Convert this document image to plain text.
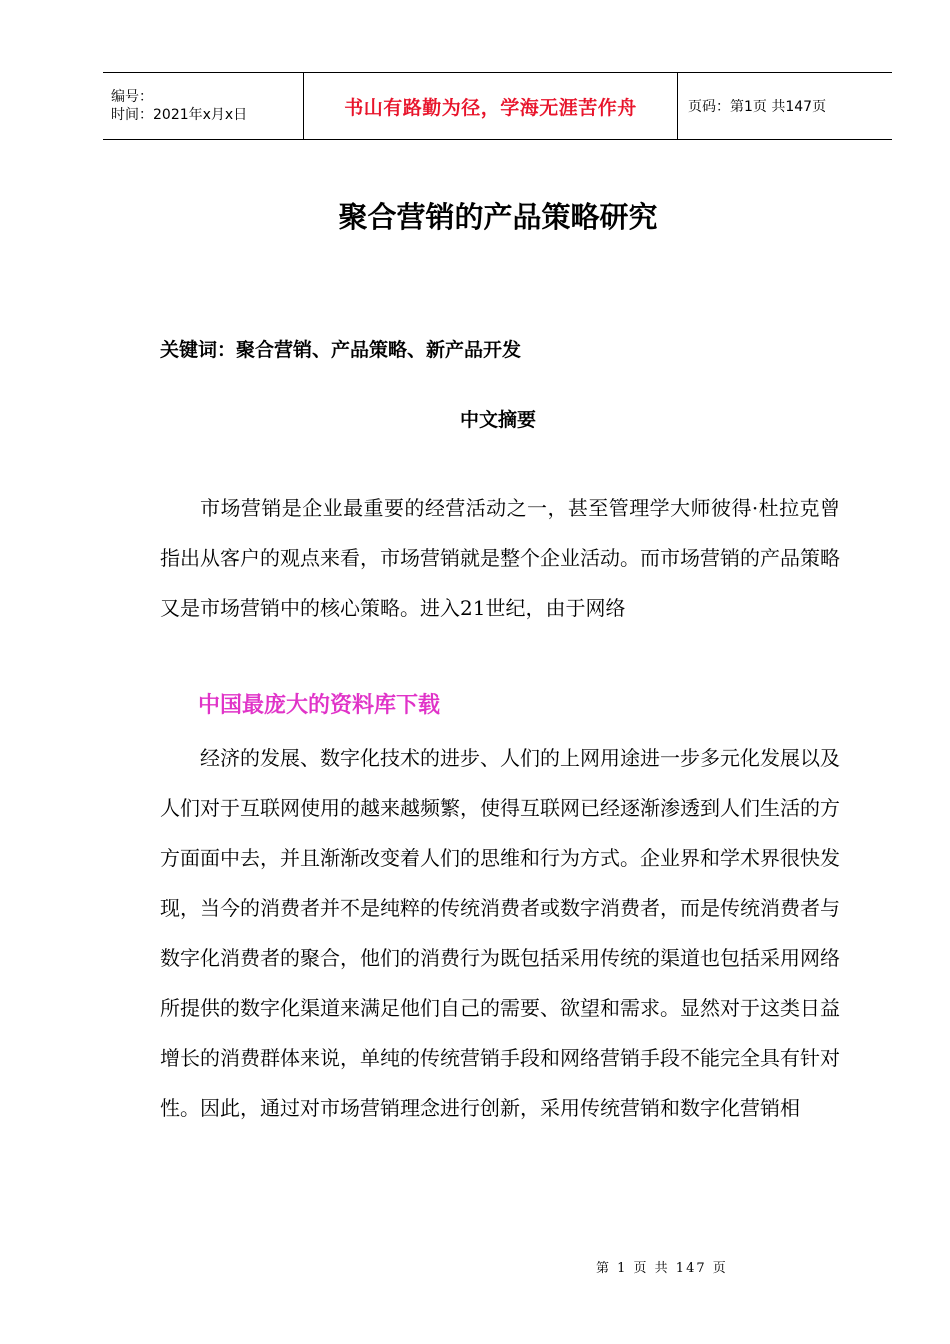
编号：
时间：2021年x月x日	书山有路勤为径，学海无涯苦作舟	页码：第1页 共147页
聚合营销的产品策略研究
关键词：聚合营销、产品策略、新产品开发
中文摘要

市场营销是企业最重要的经营活动之一，甚至管理学大师彼得·杜拉克曾指出从客户的观点来看，市场营销就是整个企业活动。而市场营销的产品策略又是市场营销中的核心策略。进入21世纪，由于网络

中国最庞大的资料库下载

经济的发展、数字化技术的进步、人们的上网用途进一步多元化发展以及人们对于互联网使用的越来越频繁，使得互联网已经逐渐渗透到人们生活的方方面面中去，并且渐渐改变着人们的思维和行为方式。企业界和学术界很快发现，当今的消费者并不是纯粹的传统消费者或数字消费者，而是传统消费者与数字化消费者的聚合，他们的消费行为既包括采用传统的渠道也包括采用网络所提供的数字化渠道来满足他们自己的需要、欲望和需求。显然对于这类日益增长的消费群体来说，单纯的传统营销手段和网络营销手段不能完全具有针对性。因此，通过对市场营销理念进行创新，采用传统营销和数字化营销相

第 1 页 共 147 页
